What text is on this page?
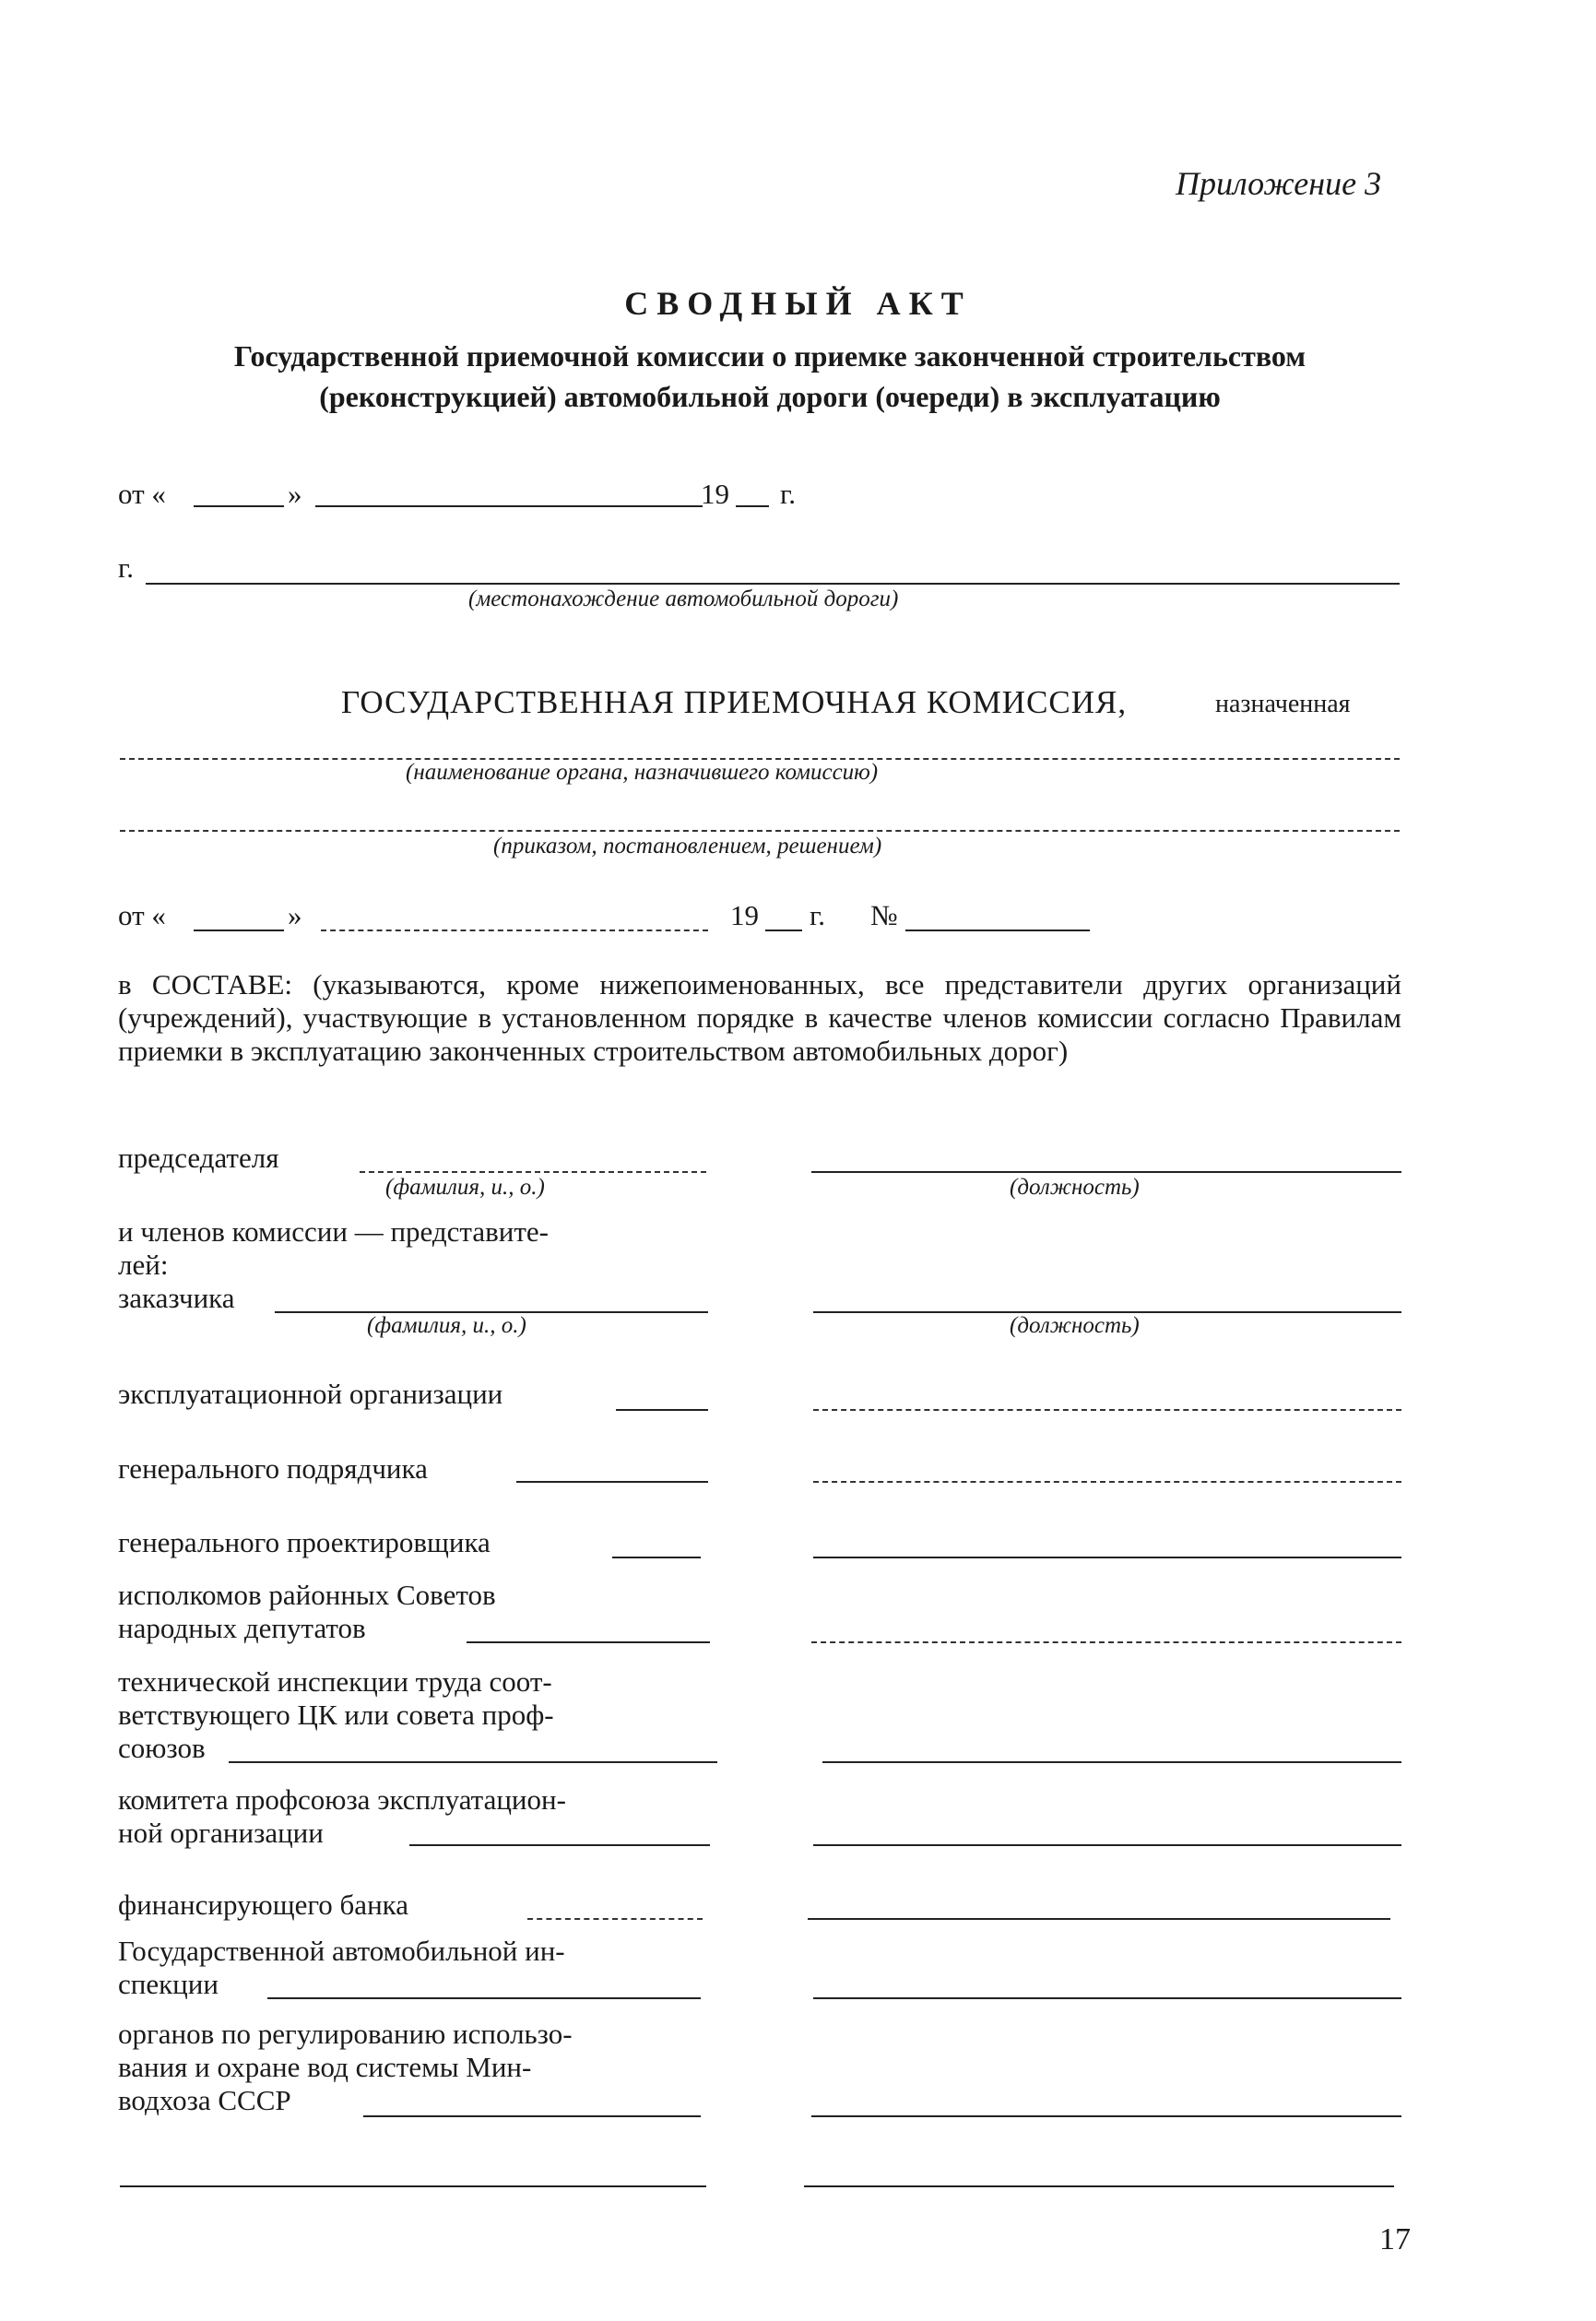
Приложение 3
СВОДНЫЙ АКТ
Государственной приемочной комиссии о приемке законченной строительством (реконструкцией) автомобильной дороги (очереди) в эксплуатацию
от «	»	19 г.
г.
(местонахождение автомобильной дороги)
ГОСУДАРСТВЕННАЯ ПРИЕМОЧНАЯ КОМИССИЯ,	назначенная
(наименование органа, назначившего комиссию)
(приказом, постановлением, решением)
от «	»	19 г. №
в СОСТАВЕ: (указываются, кроме нижепоименованных, все представители других организаций (учреждений), участвующие в установленном порядке в качестве членов комиссии согласно Правилам приемки в эксплуатацию законченных строительством автомобильных дорог)
председателя
(фамилия, и., о.)	(должность)
и членов комиссии — представите-
лей:
заказчика
(фамилия, и., о.)	(должность)
эксплуатационной организации
генерального подрядчика
генерального проектировщика
исполкомов районных Советов
народных депутатов
технической инспекции труда соот-
ветствующего ЦК или совета проф-
союзов
комитета профсоюза эксплуатацион-
ной организации
финансирующего банка
Государственной автомобильной ин-
спекции
органов по регулированию использо-
вания и охране вод системы Мин-
водхоза СССР
17
